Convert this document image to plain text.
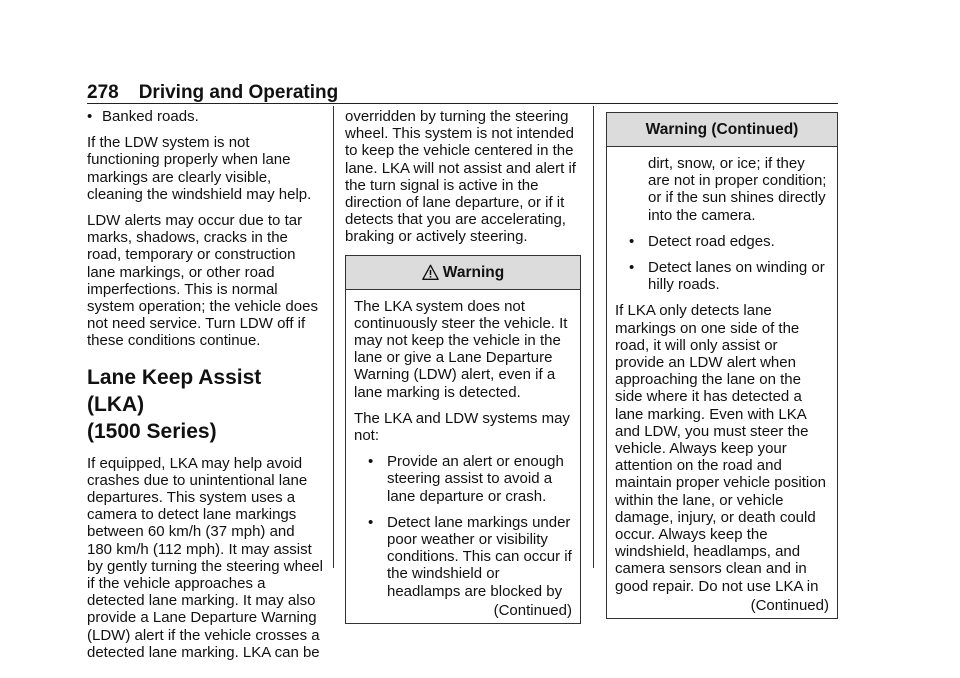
278 Driving and Operating
• Banked roads.

If the LDW system is not functioning properly when lane markings are clearly visible, cleaning the windshield may help.

LDW alerts may occur due to tar marks, shadows, cracks in the road, temporary or construction lane markings, or other road imperfections. This is normal system operation; the vehicle does not need service. Turn LDW off if these conditions continue.

Lane Keep Assist (LKA)
(1500 Series)

If equipped, LKA may help avoid crashes due to unintentional lane departures. This system uses a camera to detect lane markings between 60 km/h (37 mph) and 180 km/h (112 mph). It may assist by gently turning the steering wheel if the vehicle approaches a detected lane marking. It may also provide a Lane Departure Warning (LDW) alert if the vehicle crosses a detected lane marking. LKA can be

overridden by turning the steering wheel. This system is not intended to keep the vehicle centered in the lane. LKA will not assist and alert if the turn signal is active in the direction of lane departure, or if it detects that you are accelerating, braking or actively steering.

Warning

The LKA system does not continuously steer the vehicle. It may not keep the vehicle in the lane or give a Lane Departure Warning (LDW) alert, even if a lane marking is detected.

The LKA and LDW systems may not:

• Provide an alert or enough steering assist to avoid a lane departure or crash.
• Detect lane markings under poor weather or visibility conditions. This can occur if the windshield or headlamps are blocked by

(Continued)

Warning (Continued)

dirt, snow, or ice; if they are not in proper condition; or if the sun shines directly into the camera.

• Detect road edges.
• Detect lanes on winding or hilly roads.

If LKA only detects lane markings on one side of the road, it will only assist or provide an LDW alert when approaching the lane on the side where it has detected a lane marking. Even with LKA and LDW, you must steer the vehicle. Always keep your attention on the road and maintain proper vehicle position within the lane, or vehicle damage, injury, or death could occur. Always keep the windshield, headlamps, and camera sensors clean and in good repair. Do not use LKA in

(Continued)
